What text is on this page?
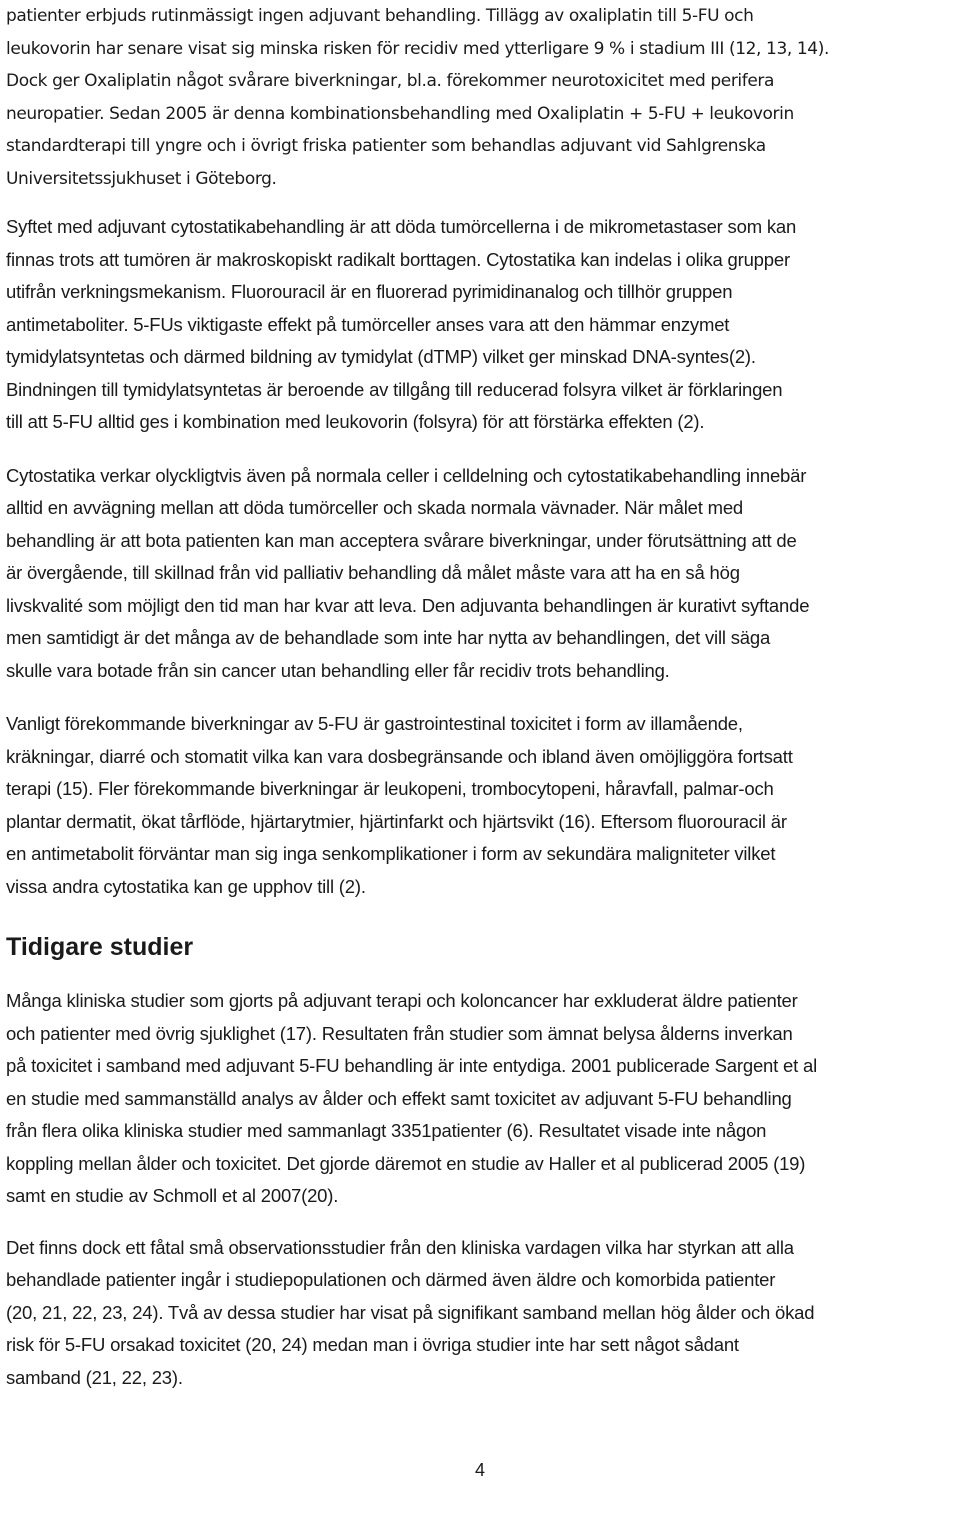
patienter erbjuds rutinmässigt ingen adjuvant behandling. Tillägg av oxaliplatin till 5-FU och
leukovorin har senare visat sig minska risken för recidiv med ytterligare 9 % i stadium III (12, 13, 14).
Dock ger Oxaliplatin något svårare biverkningar, bl.a. förekommer neurotoxicitet med perifera
neuropatier. Sedan 2005 är denna kombinationsbehandling med Oxaliplatin + 5-FU + leukovorin
standardterapi till yngre och i övrigt friska patienter som behandlas adjuvant vid Sahlgrenska
Universitetssjukhuset i Göteborg.

Syftet med adjuvant cytostatikabehandling är att döda tumörcellerna i de mikrometastaser som kan
finnas trots att tumören är makroskopiskt radikalt borttagen. Cytostatika kan indelas i olika grupper
utifrån verkningsmekanism. Fluorouracil är en fluorerad pyrimidinanalog och tillhör gruppen
antimetaboliter. 5-FUs viktigaste effekt på tumörceller anses vara att den hämmar enzymet
tymidylatsyntetas och därmed bildning av tymidylat (dTMP) vilket ger minskad DNA-syntes(2).
Bindningen till tymidylatsyntetas är beroende av tillgång till reducerad folsyra vilket är förklaringen
till att 5-FU alltid ges i kombination med leukovorin (folsyra) för att förstärka effekten (2).

Cytostatika verkar olyckligtvis även på normala celler i celldelning och cytostatikabehandling innebär
alltid en avvägning mellan att döda tumörceller och skada normala vävnader. När målet med
behandling är att bota patienten kan man acceptera svårare biverkningar, under förutsättning att de
är övergående, till skillnad från vid palliativ behandling då målet måste vara att ha en så hög
livskvalité som möjligt den tid man har kvar att leva. Den adjuvanta behandlingen är kurativt syftande
men samtidigt är det många av de behandlade som inte har nytta av behandlingen, det vill säga
skulle vara botade från sin cancer utan behandling eller får recidiv trots behandling.

Vanligt förekommande biverkningar av 5-FU är gastrointestinal toxicitet i form av illamående,
kräkningar, diarré och stomatit vilka kan vara dosbegränsande och ibland även omöjliggöra fortsatt
terapi (15). Fler förekommande biverkningar är leukopeni, trombocytopeni, håravfall, palmar-och
plantar dermatit, ökat tårflöde, hjärtarytmier, hjärtinfarkt och hjärtsvikt (16). Eftersom fluorouracil är
en antimetabolit förväntar man sig inga senkomplikationer i form av sekundära maligniteter vilket
vissa andra cytostatika kan ge upphov till (2).

Tidigare studier

Många kliniska studier som gjorts på adjuvant terapi och koloncancer har exkluderat äldre patienter
och patienter med övrig sjuklighet (17). Resultaten från studier som ämnat belysa ålderns inverkan
på toxicitet i samband med adjuvant 5-FU behandling är inte entydiga. 2001 publicerade Sargent et al
en studie med sammanställd analys av ålder och effekt samt toxicitet av adjuvant 5-FU behandling
från flera olika kliniska studier med sammanlagt 3351patienter (6). Resultatet visade inte någon
koppling mellan ålder och toxicitet. Det gjorde däremot en studie av Haller et al publicerad 2005 (19)
samt en studie av Schmoll et al 2007(20).

Det finns dock ett fåtal små observationsstudier från den kliniska vardagen vilka har styrkan att alla
behandlade patienter ingår i studiepopulationen och därmed även äldre och komorbida patienter
(20, 21, 22, 23, 24). Två av dessa studier har visat på signifikant samband mellan hög ålder och ökad
risk för 5-FU orsakad toxicitet (20, 24) medan man i övriga studier inte har sett något sådant
samband (21, 22, 23).

4
